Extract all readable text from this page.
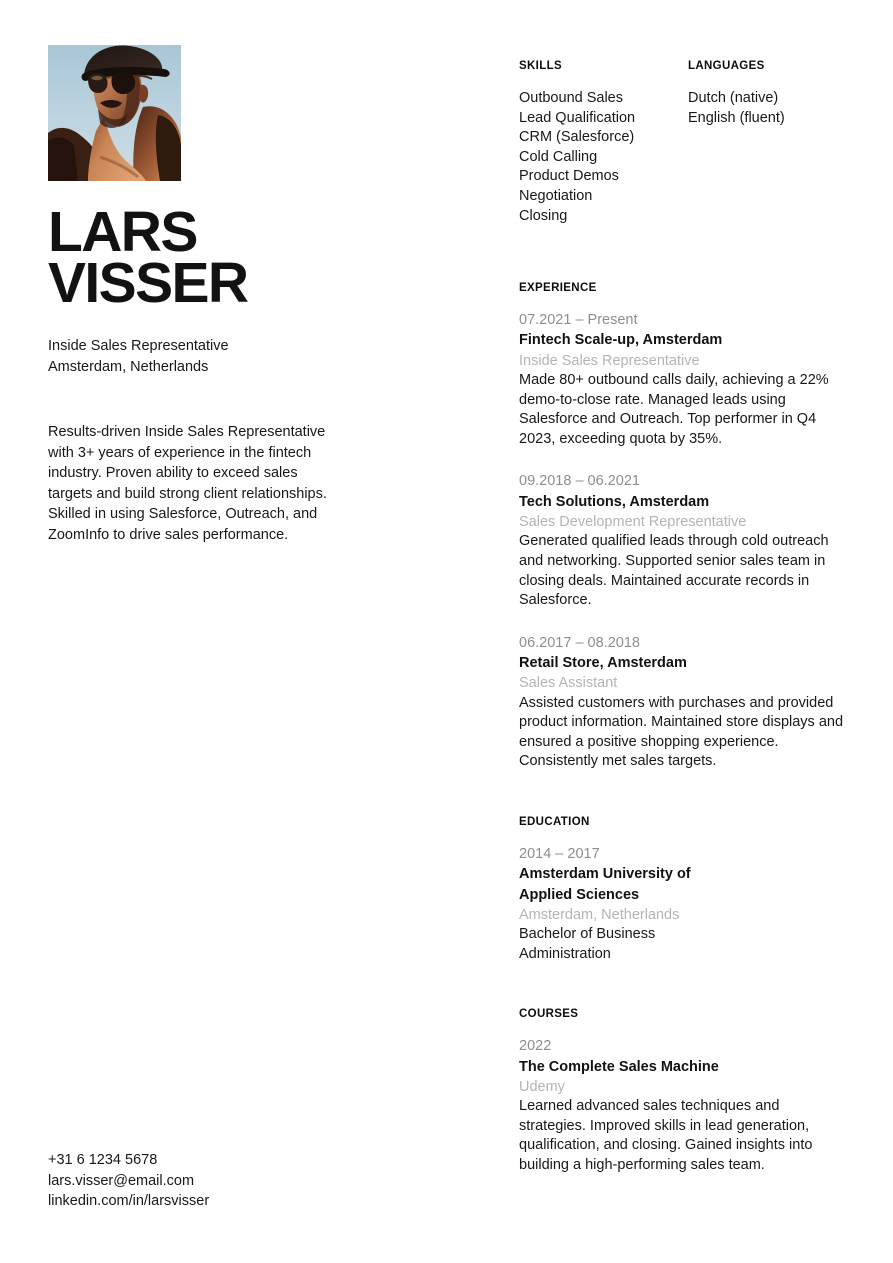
LARS
VISSER
Inside Sales Representative
Amsterdam, Netherlands
Results-driven Inside Sales Representative with 3+ years of experience in the fintech industry. Proven ability to exceed sales targets and build strong client relationships. Skilled in using Salesforce, Outreach, and ZoomInfo to drive sales performance.
+31 6 1234 5678
lars.visser@email.com
linkedin.com/in/larsvisser
SKILLS
Outbound Sales
Lead Qualification
CRM (Salesforce)
Cold Calling
Product Demos
Negotiation
Closing
LANGUAGES
Dutch (native)
English (fluent)
EXPERIENCE
07.2021 – Present
Fintech Scale-up, Amsterdam
Inside Sales Representative
Made 80+ outbound calls daily, achieving a 22% demo-to-close rate. Managed leads using Salesforce and Outreach. Top performer in Q4 2023, exceeding quota by 35%.
09.2018 – 06.2021
Tech Solutions, Amsterdam
Sales Development Representative
Generated qualified leads through cold outreach and networking. Supported senior sales team in closing deals. Maintained accurate records in Salesforce.
06.2017 – 08.2018
Retail Store, Amsterdam
Sales Assistant
Assisted customers with purchases and provided product information. Maintained store displays and ensured a positive shopping experience. Consistently met sales targets.
EDUCATION
2014 – 2017
Amsterdam University of Applied Sciences
Amsterdam, Netherlands
Bachelor of Business Administration
COURSES
2022
The Complete Sales Machine
Udemy
Learned advanced sales techniques and strategies. Improved skills in lead generation, qualification, and closing. Gained insights into building a high-performing sales team.
